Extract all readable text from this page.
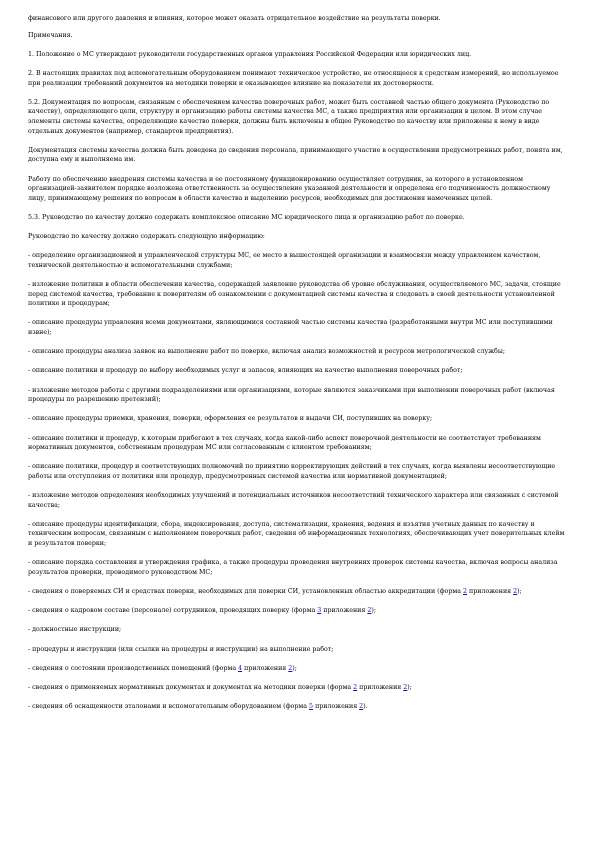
финансового или другого давления и влияния, которое может оказать отрицательное воздействие на результаты поверки.

Примечания.

1. Положение о МС утверждают руководители государственных органов управления Российской Федерации или юридических лиц.

2. В настоящих правилах под вспомогательным оборудованием понимают техническое устройство, не относящееся к средствам измерений, но используемое при реализации требований документов на методики поверки и оказывающее влияние на показатели их достоверности.

5.2. Документация по вопросам, связанным с обеспечением качества поверочных работ, может быть составной частью общего документа (Руководство по качеству), определяющего цели, структуру и организацию работы системы качества МС, а также предприятия или организации в целом. В этом случае элементы системы качества, определяющие качество поверки, должны быть включены в общее Руководство по качеству или приложены к нему в виде отдельных документов (например, стандартов предприятия).

Документация системы качества должна быть доведена до сведения персонала, принимающего участие в осуществлении предусмотренных работ, понята им, доступна ему и выполняема им.

Работу по обеспечению внедрения системы качества и ее постоянному функционированию осуществляет сотрудник, за которого в установленном организацией-заявителем порядке возложена ответственность за осуществление указанной деятельности и определена его подчиненность должностному лицу, принимающему решения по вопросам в области качества и выделению ресурсов, необходимых для достижения намеченных целей.

5.3. Руководство по качеству должно содержать комплексное описание МС юридического лица и организацию работ по поверке.

Руководство по качеству должно содержать следующую информацию:

- определение организационной и управленческой структуры МС, ее место в вышестоящей организации и взаимосвязи между управлением качеством, технической деятельностью и вспомогательными службами;

- изложение политики в области обеспечения качества, содержащей заявление руководства об уровне обслуживания, осуществляемого МС, задачи, стоящие перед системой качества, требование к поверителям об ознакомлении с документацией системы качества и следовать в своей деятельности установленной политике и процедурам;

- описание процедуры управления всеми документами, являющимися составной частью системы качества (разработанными внутри МС или поступившими извне);

- описание процедуры анализа заявок на выполнение работ по поверке, включая анализ возможностей и ресурсов метрологической службы;

- описание политики и процедур по выбору необходимых услуг и запасов, влияющих на качество выполнения поверочных работ;

- изложение методов работы с другими подразделениями или организациями, которые являются заказчиками при выполнении поверочных работ (включая процедуры по разрешению претензий);

- описание процедуры приемки, хранения, поверки, оформления ее результатов и выдачи СИ, поступивших на поверку;

- описание политики и процедур, к которым прибегают в тех случаях, когда какой-либо аспект поверочной деятельности не соответствует требованиям нормативных документов, собственным процедурам МС или согласованным с клиентом требованиям;

- описание политики, процедур и соответствующих полномочий по принятию корректирующих действий в тех случаях, когда выявлены несоответствующие работы или отступления от политики или процедур, предусмотренных системой качества или нормативной документацией;

- изложение методов определения необходимых улучшений и потенциальных источников несоответствий технического характера или связанных с системой качества;

- описание процедуры идентификации, сбора, индексирования, доступа, систематизации, хранения, ведения и изъятия учетных данных по качеству и техническим вопросам, связанным с выполнением поверочных работ, сведения об информационных технологиях, обеспечивающих учет поверительных клейм и результатов поверки;

- описание порядка составления и утверждения графика, а также процедуры проведения внутренних проверок системы качества, включая вопросы анализа результатов проверки, проводимого руководством МС;

- сведения о поверяемых СИ и средствах поверки, необходимых для поверки СИ, установленных областью аккредитации (форма 2 приложения 2);

- сведения о кадровом составе (персонале) сотрудников, проводящих поверку (форма 3 приложения 2);

- должностные инструкции;

- процедуры и инструкции (или ссылки на процедуры и инструкции) на выполнение работ;

- сведения о состоянии производственных помещений (форма 4 приложения 2);

- сведения о применяемых нормативных документах и документах на методики поверки (форма 2 приложения 2);

- сведения об оснащенности эталонами и вспомогательным оборудованием (форма 5 приложения 2).
